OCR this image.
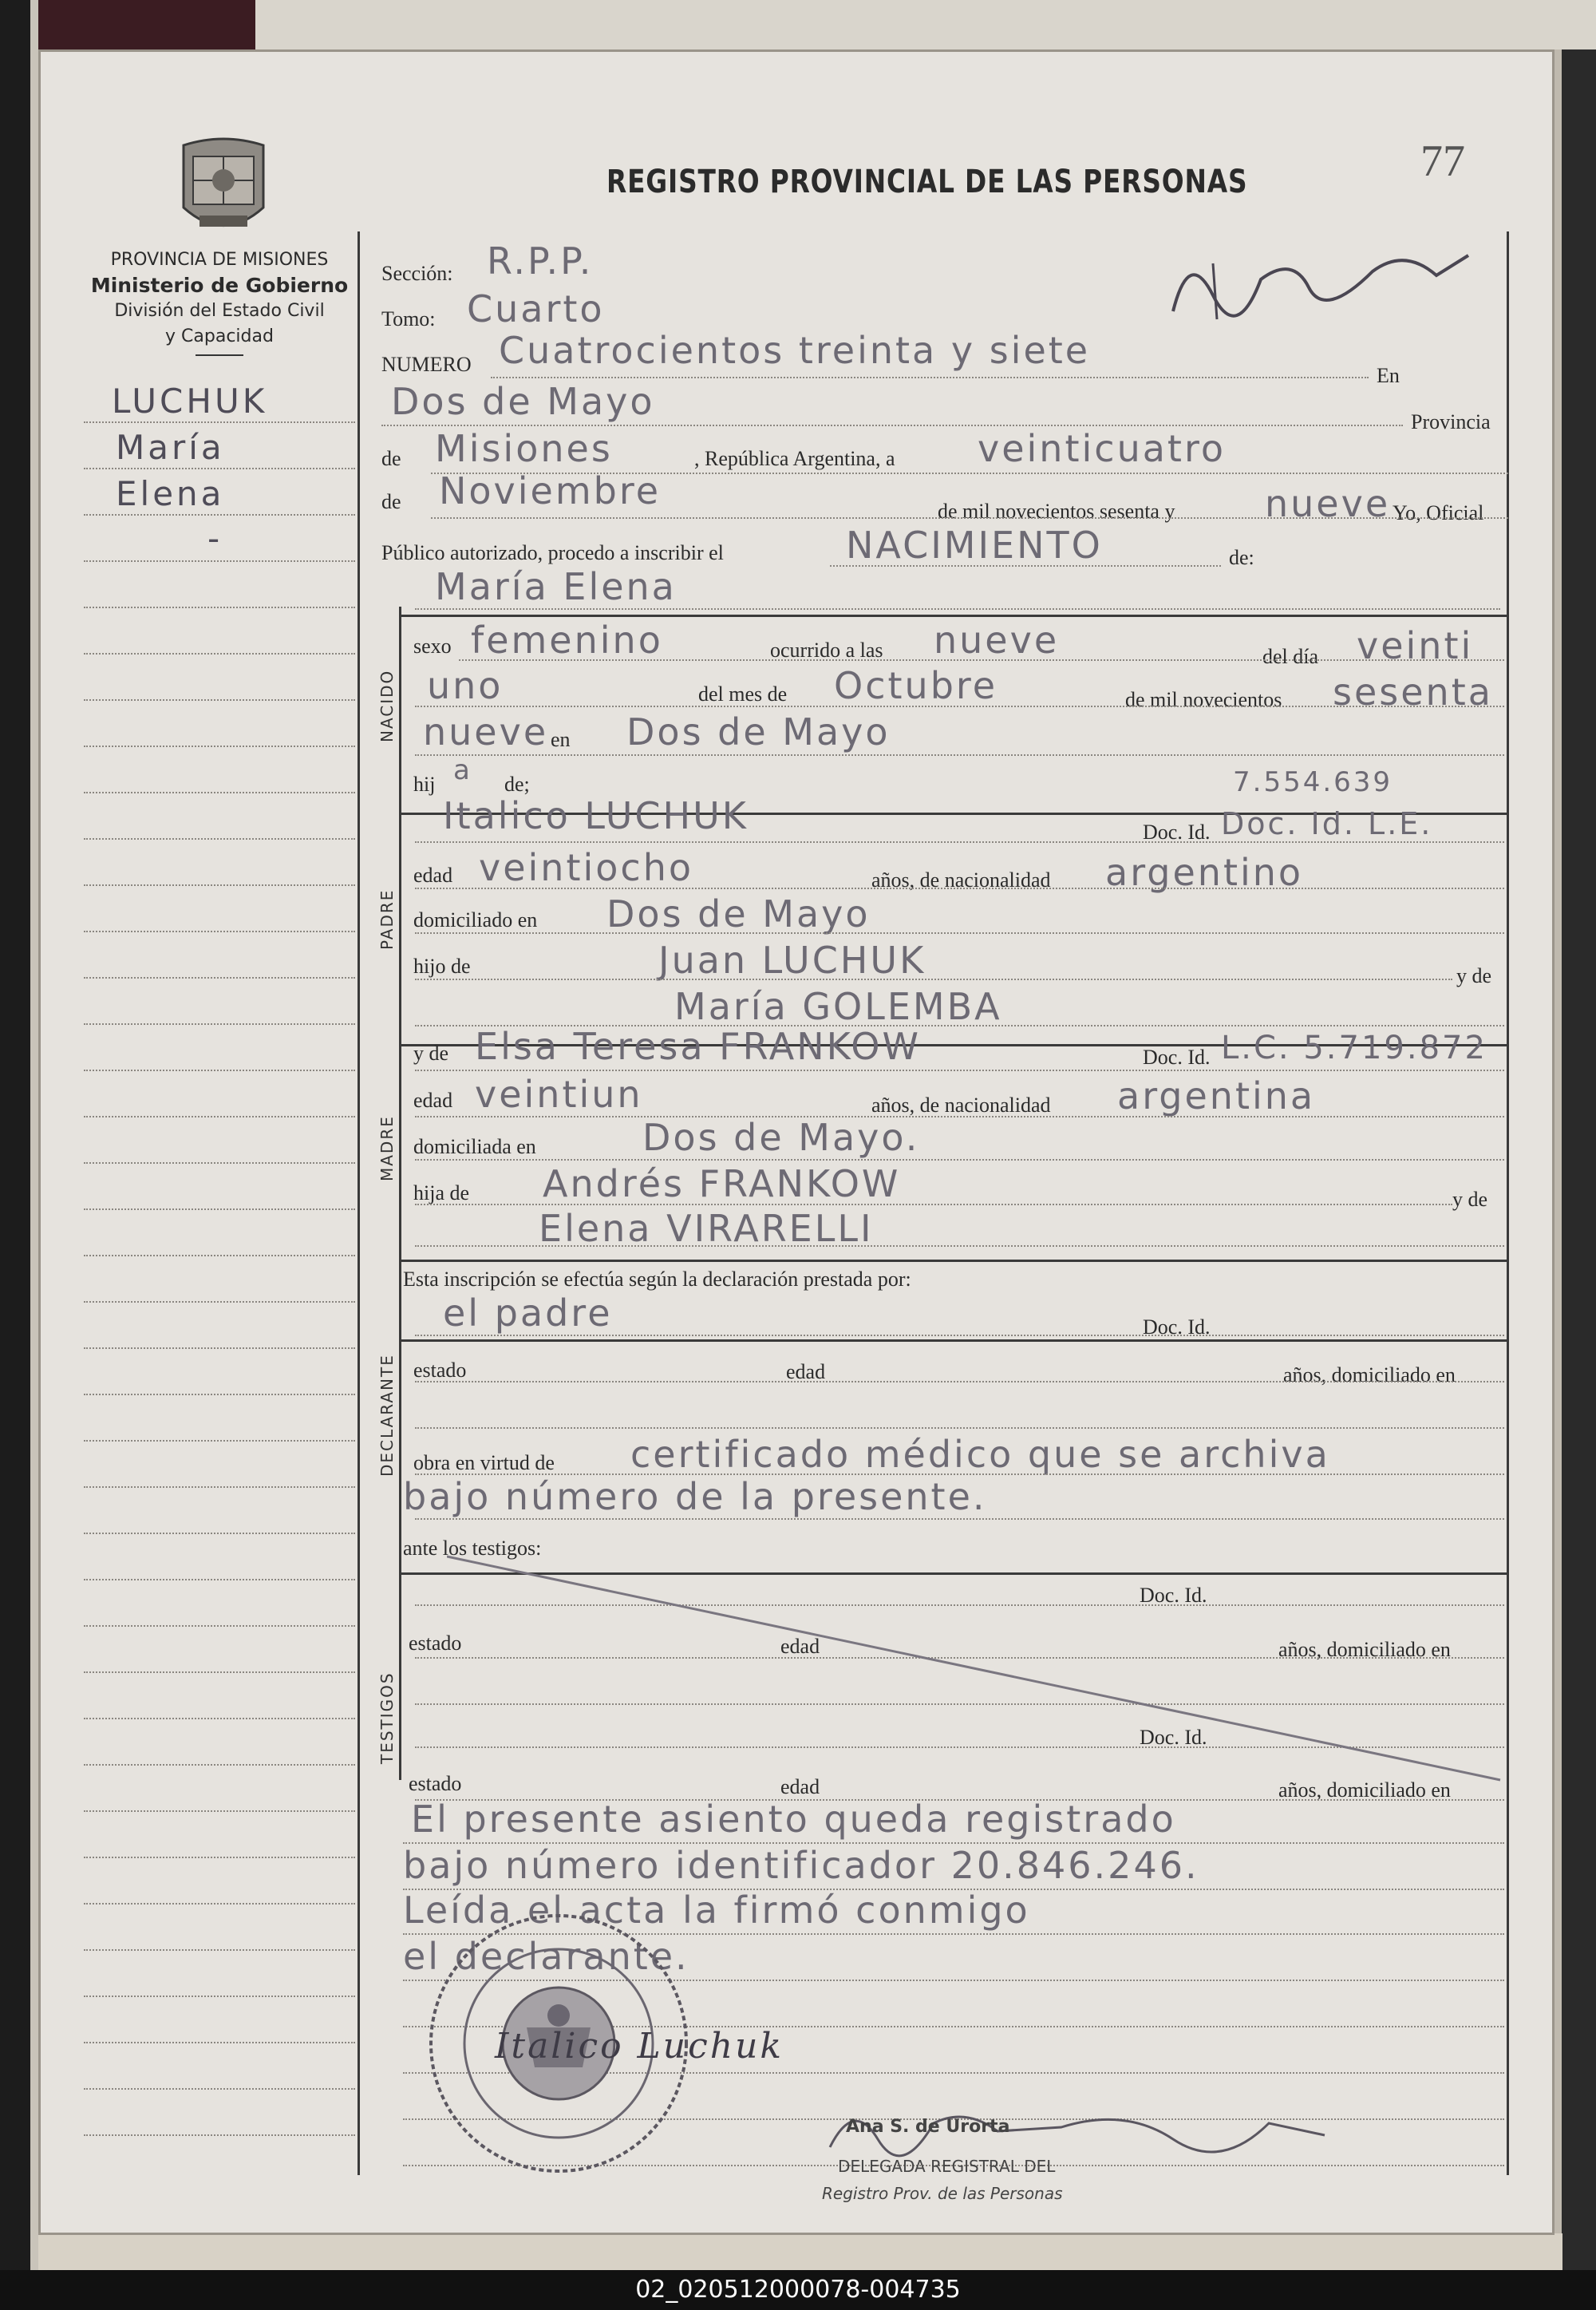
REGISTRO PROVINCIAL DE LAS PERSONAS	77
PROVINCIA DE MISIONES
Ministerio de Gobierno
División del Estado Civil
y Capacidad
NACIDO
PADRE
MADRE
DECLARANTE
TESTIGOS
LUCHUK
María
Elena
-
Sección: R.P.P.
Tomo: Cuarto
NUMERO Cuatrocientos treinta y siete
En
Dos de Mayo	Provincia
de Misiones	, República Argentina, a veinticuatro
de Noviembre	de mil novecientos sesenta y nueve Yo, Oficial
Público autorizado, procedo a inscribir el	NACIMIENTO	de:
María Elena
sexo femenino	ocurrido a las nueve	del día veinti
uno	del mes de Octubre	de mil novecientos sesenta
nueve en Dos de Mayo
hij a de;	7.554.639
Italico LUCHUK	Doc. Id. Doc. Id. L.E.
edad veintiocho	años, de nacionalidad argentino
domiciliado en Dos de Mayo
hijo de	Juan LUCHUK	y de
María GOLEMBA
y de Elsa Teresa FRANKOW	Doc. Id. L.C. 5.719.872
edad veintiun	años, de nacionalidad argentina
domiciliada en	Dos de Mayo.
hija de Andrés FRANKOW	y de
Elena VIRARELLI
Esta inscripción se efectúa según la declaración prestada por:
el padre	Doc. Id.
estado	edad	años, domiciliado en
obra en virtud de certificado médico que se archiva
bajo número de la presente.
ante los testigos:
Doc. Id.
estado	edad	años, domiciliado en
Doc. Id.
estado	edad	años, domiciliado en
El presente asiento queda registrado
bajo número identificador 20.846.246.
Leída el acta la firmó conmigo
el declarante.
Italico Luchuk
Ana S. de Urorta
DELEGADA REGISTRAL DEL
Registro Prov. de las Personas
02_020512000078-004735
